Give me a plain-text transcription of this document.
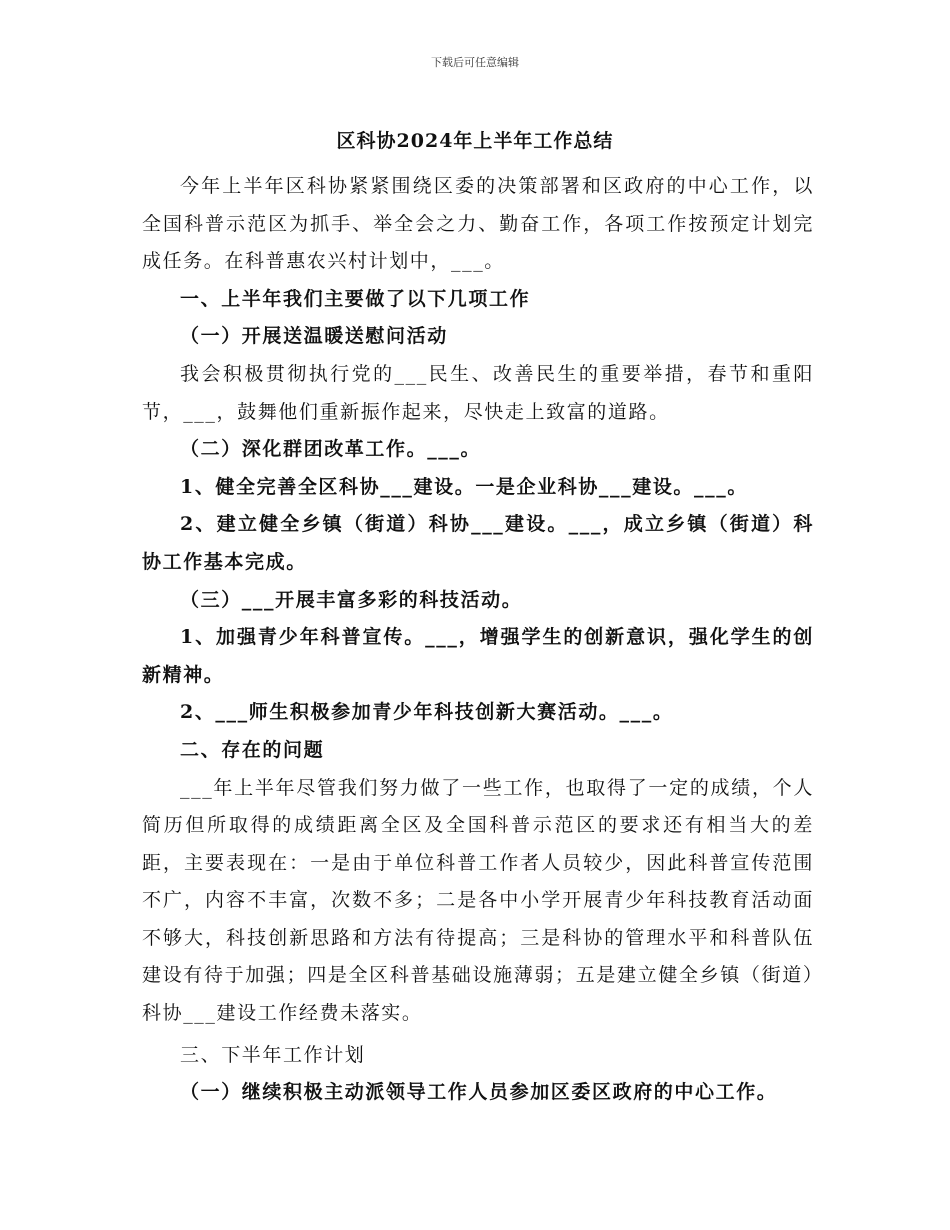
下载后可任意编辑
区科协2024年上半年工作总结

今年上半年区科协紧紧围绕区委的决策部署和区政府的中心工作，以全国科普示范区为抓手、举全会之力、勤奋工作，各项工作按预定计划完成任务。在科普惠农兴村计划中，___。

一、上半年我们主要做了以下几项工作

（一）开展送温暖送慰问活动

我会积极贯彻执行党的___民生、改善民生的重要举措，春节和重阳节，___，鼓舞他们重新振作起来，尽快走上致富的道路。

（二）深化群团改革工作。___。

1、健全完善全区科协___建设。一是企业科协___建设。___。

2、建立健全乡镇（街道）科协___建设。___，成立乡镇（街道）科协工作基本完成。

（三）___开展丰富多彩的科技活动。

1、加强青少年科普宣传。___，增强学生的创新意识，强化学生的创新精神。

2、___师生积极参加青少年科技创新大赛活动。___。

二、存在的问题

___年上半年尽管我们努力做了一些工作，也取得了一定的成绩，个人简历但所取得的成绩距离全区及全国科普示范区的要求还有相当大的差距，主要表现在：一是由于单位科普工作者人员较少，因此科普宣传范围不广，内容不丰富，次数不多；二是各中小学开展青少年科技教育活动面不够大，科技创新思路和方法有待提高；三是科协的管理水平和科普队伍建设有待于加强；四是全区科普基础设施薄弱；五是建立健全乡镇（街道）科协___建设工作经费未落实。

三、下半年工作计划

（一）继续积极主动派领导工作人员参加区委区政府的中心工作。
